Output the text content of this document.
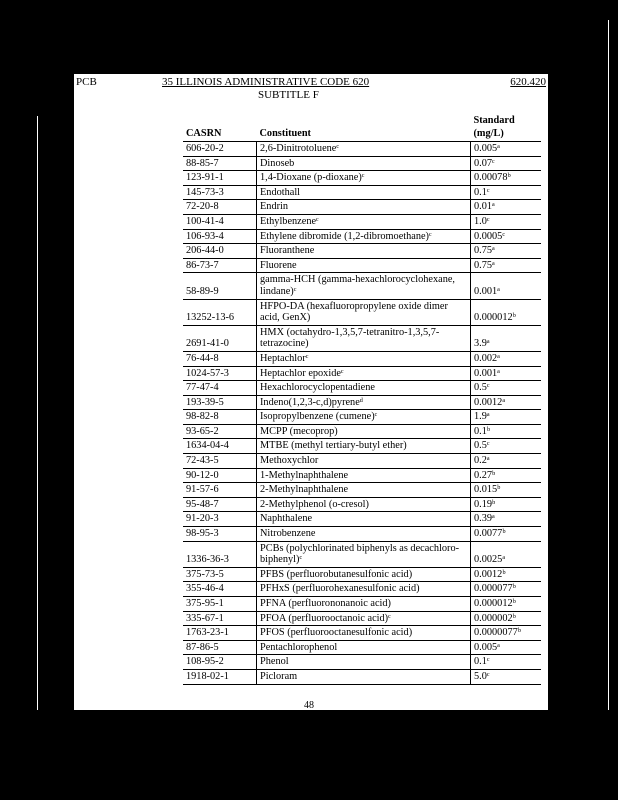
PCB	35 ILLINOIS ADMINISTRATIVE CODE 620	620.420
SUBTITLE F
CASRN	Constituent	Standard
(mg/L)

606-20-2	2,6-Dinitrotolueneᶜ	0.005ᵃ
88-85-7	Dinoseb	0.07ᶜ
123-91-1	1,4-Dioxane (p-dioxane)ᶜ	0.00078ᵇ
145-73-3	Endothall	0.1ᶜ
72-20-8	Endrin	0.01ᵃ
100-41-4	Ethylbenzeneᶜ	1.0ᶜ
106-93-4	Ethylene dibromide (1,2-dibromoethane)ᶜ	0.0005ᶜ
206-44-0	Fluoranthene	0.75ᵃ
86-73-7	Fluorene	0.75ᵃ
58-89-9	gamma-HCH (gamma-hexachlorocyclohexane, lindane)ᶜ	0.001ᵃ
13252-13-6	HFPO-DA (hexafluoropropylene oxide dimer acid, GenX)	0.000012ᵇ
2691-41-0	HMX (octahydro-1,3,5,7-tetranitro-1,3,5,7-tetrazocine)	3.9ᵃ
76-44-8	Heptachlorᶜ	0.002ᵃ
1024-57-3	Heptachlor epoxideᶜ	0.001ᵃ
77-47-4	Hexachlorocyclopentadiene	0.5ᶜ
193-39-5	Indeno(1,2,3-c,d)pyreneᵈ	0.0012ᵃ
98-82-8	Isopropylbenzene (cumene)ᶜ	1.9ᵃ
93-65-2	MCPP (mecoprop)	0.1ᵇ
1634-04-4	MTBE (methyl tertiary-butyl ether)	0.5ᶜ
72-43-5	Methoxychlor	0.2ᵃ
90-12-0	1-Methylnaphthalene	0.27ᵇ
91-57-6	2-Methylnaphthalene	0.015ᵇ
95-48-7	2-Methylphenol (o-cresol)	0.19ᵇ
91-20-3	Naphthalene	0.39ᵃ
98-95-3	Nitrobenzene	0.0077ᵇ
1336-36-3	PCBs (polychlorinated biphenyls as decachloro-biphenyl)ᶜ	0.0025ᵃ
375-73-5	PFBS (perfluorobutanesulfonic acid)	0.0012ᵇ
355-46-4	PFHxS (perfluorohexanesulfonic acid)	0.000077ᵇ
375-95-1	PFNA (perfluorononanoic acid)	0.000012ᵇ
335-67-1	PFOA (perfluorooctanoic acid)ᶜ	0.000002ᵇ
1763-23-1	PFOS (perfluorooctanesulfonic acid)	0.0000077ᵇ
87-86-5	Pentachlorophenol	0.005ᵃ
108-95-2	Phenol	0.1ᶜ
1918-02-1	Picloram	5.0ᶜ
48
